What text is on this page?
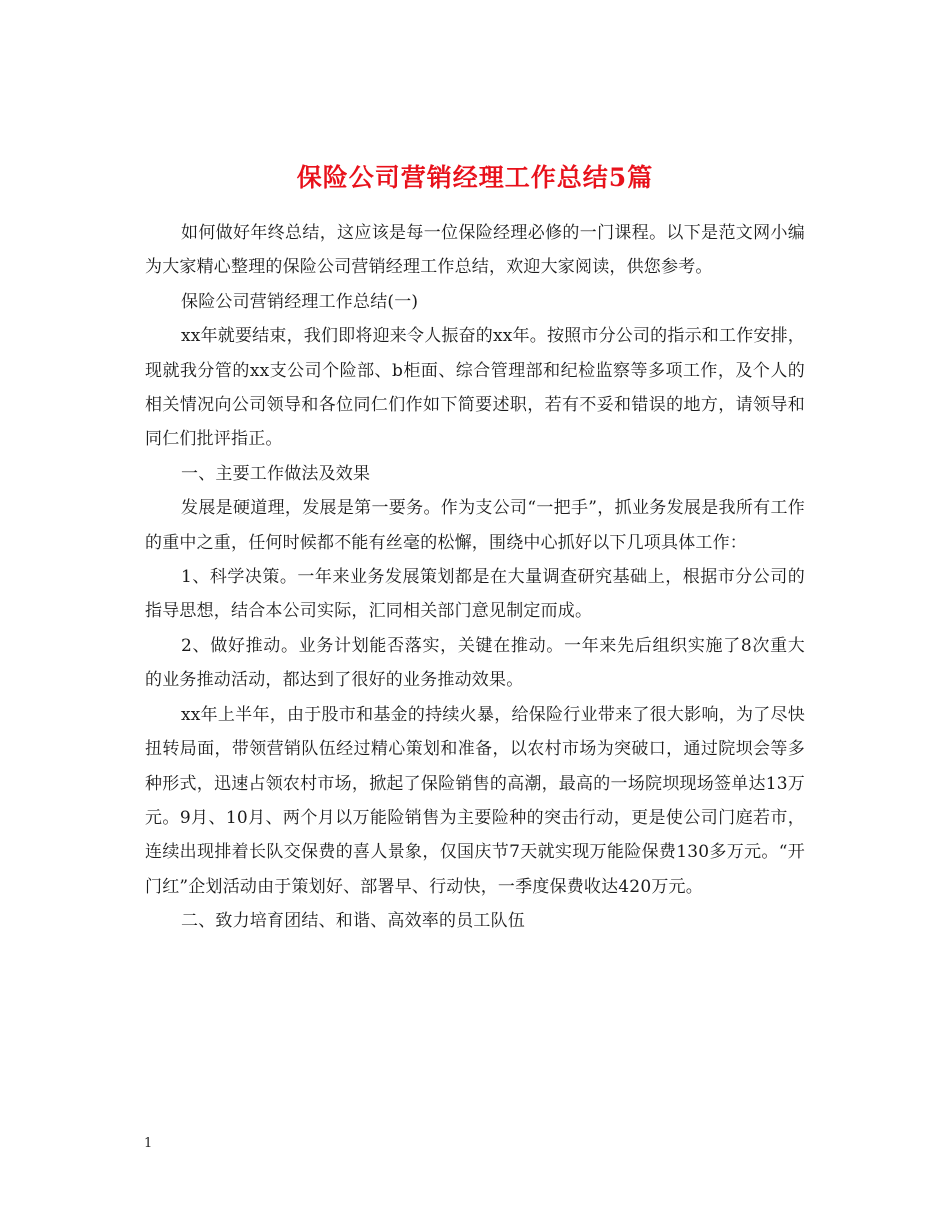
保险公司营销经理工作总结5篇

如何做好年终总结，这应该是每一位保险经理必修的一门课程。以下是范文网小编为大家精心整理的保险公司营销经理工作总结，欢迎大家阅读，供您参考。

保险公司营销经理工作总结(一)

xx年就要结束，我们即将迎来令人振奋的xx年。按照市分公司的指示和工作安排，现就我分管的xx支公司个险部、b柜面、综合管理部和纪检监察等多项工作，及个人的相关情况向公司领导和各位同仁们作如下简要述职，若有不妥和错误的地方，请领导和同仁们批评指正。

一、主要工作做法及效果

发展是硬道理，发展是第一要务。作为支公司“一把手”，抓业务发展是我所有工作的重中之重，任何时候都不能有丝毫的松懈，围绕中心抓好以下几项具体工作：

1、科学决策。一年来业务发展策划都是在大量调查研究基础上，根据市分公司的指导思想，结合本公司实际，汇同相关部门意见制定而成。

2、做好推动。业务计划能否落实，关键在推动。一年来先后组织实施了8次重大的业务推动活动，都达到了很好的业务推动效果。

xx年上半年，由于股市和基金的持续火暴，给保险行业带来了很大影响，为了尽快扭转局面，带领营销队伍经过精心策划和准备，以农村市场为突破口，通过院坝会等多种形式，迅速占领农村市场，掀起了保险销售的高潮，最高的一场院坝现场签单达13万元。9月、10月、两个月以万能险销售为主要险种的突击行动，更是使公司门庭若市，连续出现排着长队交保费的喜人景象，仅国庆节7天就实现万能险保费130多万元。“开门红”企划活动由于策划好、部署早、行动快，一季度保费收达420万元。

二、致力培育团结、和谐、高效率的员工队伍

1
